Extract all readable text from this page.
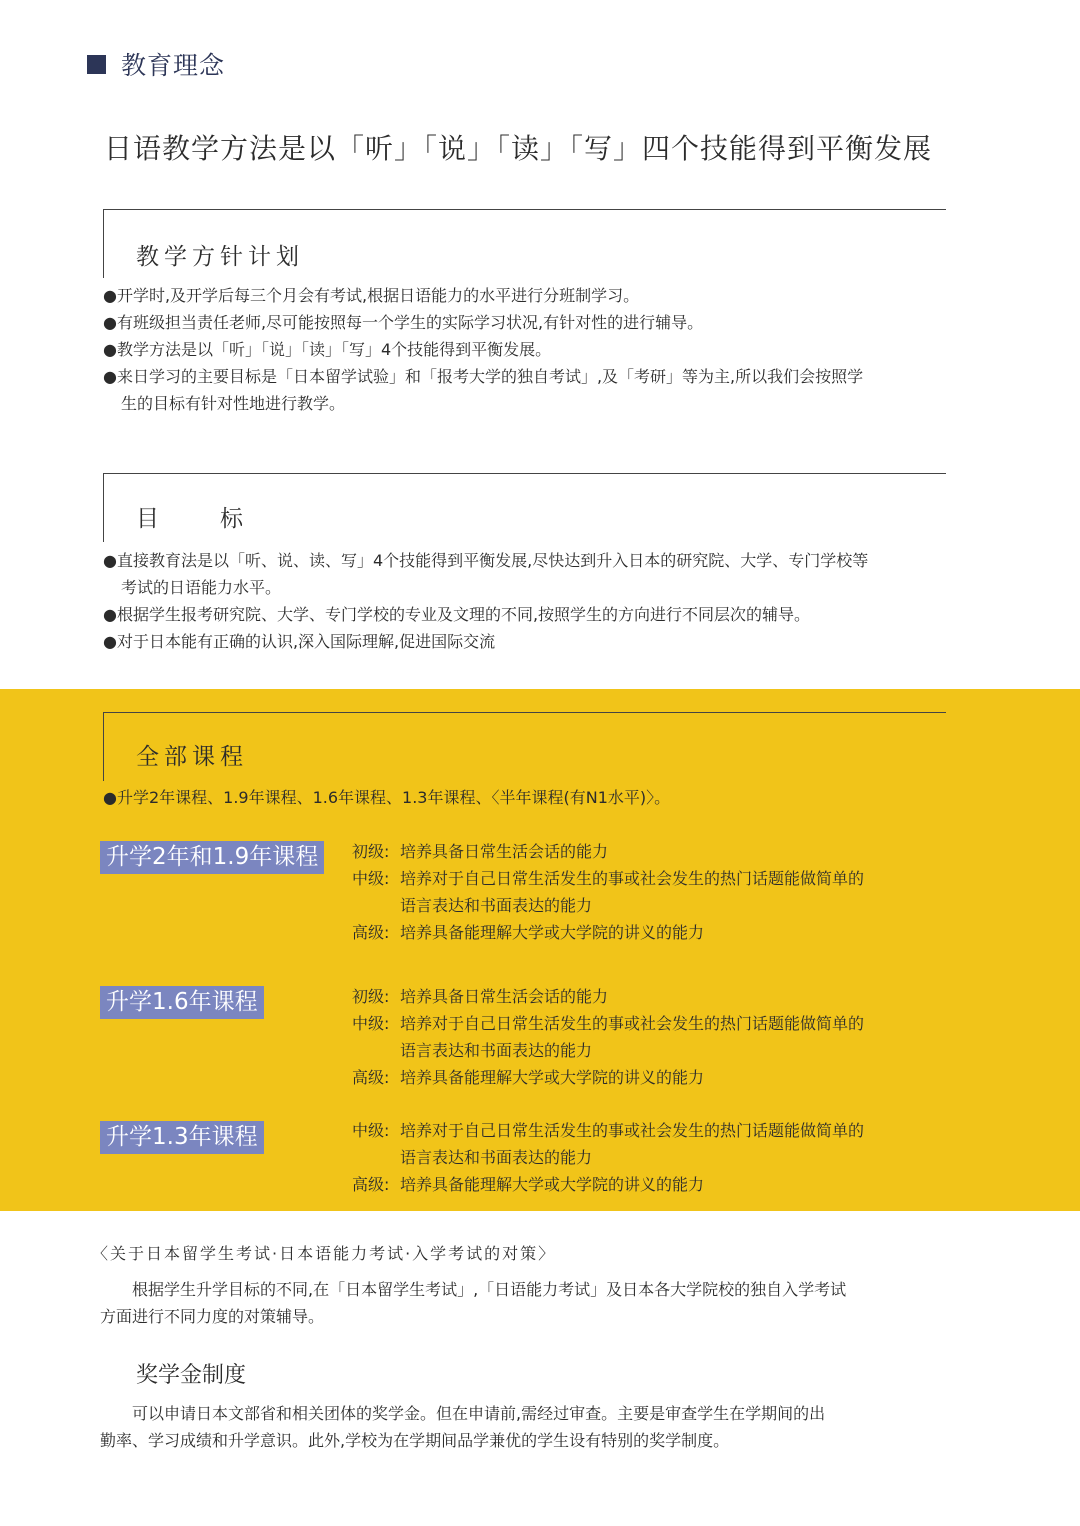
教育理念
日语教学方法是以「听」「说」「读」「写」四个技能得到平衡发展
教学方针计划
●开学时,及开学后每三个月会有考试,根据日语能力的水平进行分班制学习。
●有班级担当责任老师,尽可能按照每一个学生的实际学习状况,有针对性的进行辅导。
●教学方法是以「听」「说」「读」「写」4个技能得到平衡发展。
●来日学习的主要目标是「日本留学试验」和「报考大学的独自考试」,及「考研」等为主,所以我们会按照学
生的目标有针对性地进行教学。
目　　标
●直接教育法是以「听、说、读、写」4个技能得到平衡发展,尽快达到升入日本的研究院、大学、专门学校等
考试的日语能力水平。
●根据学生报考研究院、大学、专门学校的专业及文理的不同,按照学生的方向进行不同层次的辅导。
●对于日本能有正确的认识,深入国际理解,促进国际交流
全部课程
●升学2年课程、1.9年课程、1.6年课程、1.3年课程、〈半年课程(有N1水平)〉。
升学2年和1.9年课程	初级: 培养具备日常生活会话的能力
中级: 培养对于自己日常生活发生的事或社会发生的热门话题能做简单的
语言表达和书面表达的能力
高级: 培养具备能理解大学或大学院的讲义的能力
升学1.6年课程	初级: 培养具备日常生活会话的能力
中级: 培养对于自己日常生活发生的事或社会发生的热门话题能做简单的
语言表达和书面表达的能力
高级: 培养具备能理解大学或大学院的讲义的能力
升学1.3年课程	中级: 培养对于自己日常生活发生的事或社会发生的热门话题能做简单的
语言表达和书面表达的能力
高级: 培养具备能理解大学或大学院的讲义的能力
〈关于日本留学生考试·日本语能力考试·入学考试的对策〉
　　根据学生升学目标的不同,在「日本留学生考试」,「日语能力考试」及日本各大学院校的独自入学考试
方面进行不同力度的对策辅导。
奖学金制度
　　可以申请日本文部省和相关团体的奖学金。但在申请前,需经过审查。主要是审查学生在学期间的出
勤率、学习成绩和升学意识。此外,学校为在学期间品学兼优的学生设有特别的奖学制度。
